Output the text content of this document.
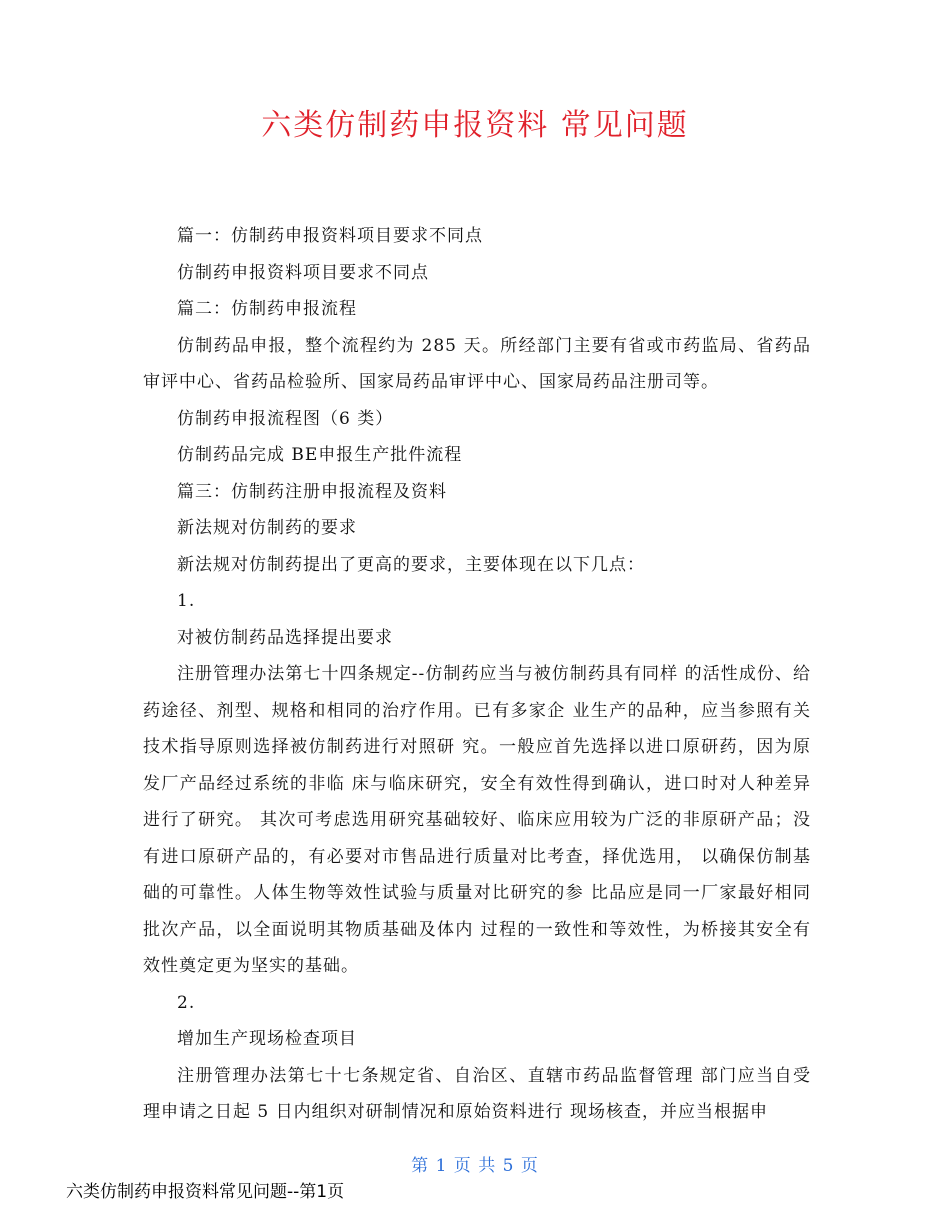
六类仿制药申报资料 常见问题

篇一：仿制药申报资料项目要求不同点

仿制药申报资料项目要求不同点

篇二：仿制药申报流程

仿制药品申报，整个流程约为 285 天。所经部门主要有省或市药监局、省药品审评中心、省药品检验所、国家局药品审评中心、国家局药品注册司等。

仿制药申报流程图（6 类）

仿制药品完成 BE申报生产批件流程

篇三：仿制药注册申报流程及资料

新法规对仿制药的要求

新法规对仿制药提出了更高的要求，主要体现在以下几点：

1.

对被仿制药品选择提出要求

注册管理办法第七十四条规定--仿制药应当与被仿制药具有同样 的活性成份、给药途径、剂型、规格和相同的治疗作用。已有多家企 业生产的品种，应当参照有关技术指导原则选择被仿制药进行对照研 究。一般应首先选择以进口原研药，因为原发厂产品经过系统的非临 床与临床研究，安全有效性得到确认，进口时对人种差异进行了研究。 其次可考虑选用研究基础较好、临床应用较为广泛的非原研产品；没 有进口原研产品的，有必要对市售品进行质量对比考查，择优选用， 以确保仿制基础的可靠性。人体生物等效性试验与质量对比研究的参 比品应是同一厂家最好相同批次产品，以全面说明其物质基础及体内 过程的一致性和等效性，为桥接其安全有效性奠定更为坚实的基础。

2.

增加生产现场检查项目

注册管理办法第七十七条规定省、自治区、直辖市药品监督管理 部门应当自受理申请之日起 5 日内组织对研制情况和原始资料进行 现场核查，并应当根据申

第 1 页 共 5 页
六类仿制药申报资料常见问题--第1页
